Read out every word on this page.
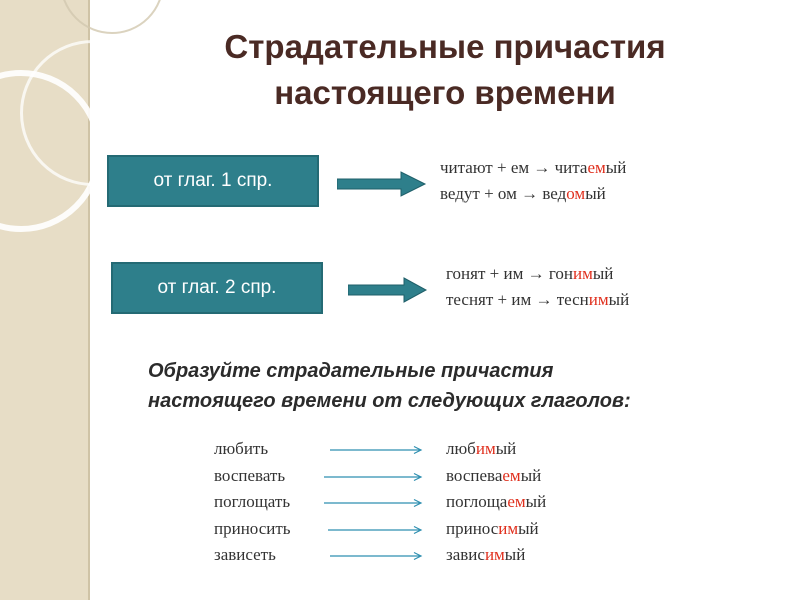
Страдательные причастия
настоящего времени
от глаг. 1 спр.
читают + ем → читаемый
ведут + ом → ведомый
от глаг. 2 спр.
гонят + им → гонимый
теснят + им → теснимый

Образуйте страдательные причастия
настоящего времени от следующих глаголов:

любить	любимый
воспевать	воспеваемый
поглощать	поглощаемый
приносить	приносимый
зависеть	зависимый
